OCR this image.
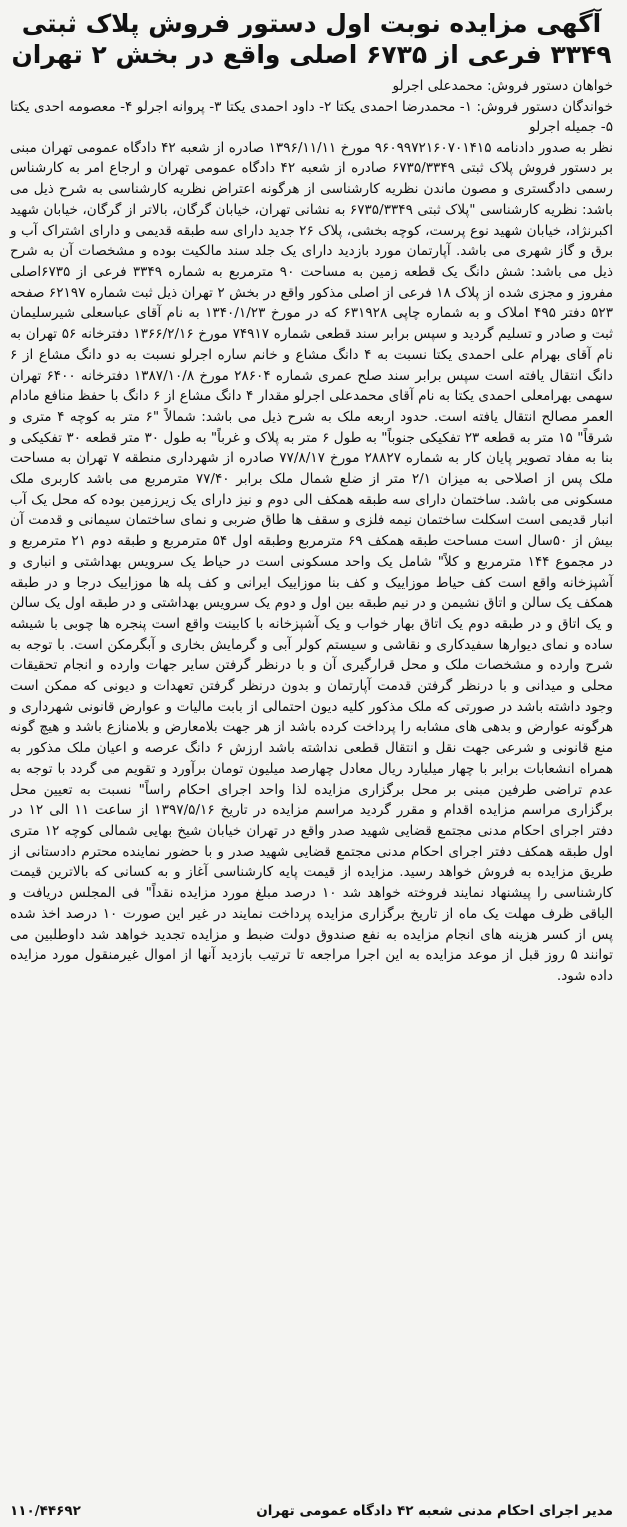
آگهی مزایده نوبت اول دستور فروش پلاک ثبتی ۳۳۴۹ فرعی از ۶۷۳۵ اصلی واقع در بخش ۲ تهران
خواهان دستور فروش: محمدعلی اجرلو
خواندگان دستور فروش: ۱- محمدرضا احمدی یکتا ۲- داود احمدی یکتا ۳- پروانه اجرلو ۴- معصومه احدی یکتا ۵- جمیله اجرلو

نظر به صدور دادنامه ۹۶۰۹۹۷۲۱۶۰۷۰۱۴۱۵ مورخ ۱۳۹۶/۱۱/۱۱ صادره از شعبه ۴۲ دادگاه عمومی تهران مبنی بر دستور فروش پلاک ثبتی ۶۷۳۵/۳۳۴۹ صادره از شعبه ۴۲ دادگاه عمومی تهران و ارجاع امر به کارشناس رسمی دادگستری و مصون ماندن نظریه کارشناسی از هرگونه اعتراض نظریه کارشناسی به شرح ذیل می باشد: نظریه کارشناسی "پلاک ثبتی ۶۷۳۵/۳۳۴۹ به نشانی تهران، خیابان گرگان، بالاتر از گرگان، خیابان شهید اکبرنژاد، خیابان شهید نوع پرست، کوچه بخشی، پلاک ۲۶ جدید دارای سه طبقه قدیمی و دارای اشتراک آب و برق و گاز شهری می باشد. آپارتمان مورد بازدید دارای یک جلد سند مالکیت بوده و مشخصات آن به شرح ذیل می باشد: شش دانگ یک قطعه زمین به مساحت ۹۰ مترمربع به شماره ۳۳۴۹ فرعی از ۶۷۳۵اصلی مفروز و مجزی شده از پلاک ۱۸ فرعی از اصلی مذکور واقع در بخش ۲ تهران ذیل ثبت شماره ۶۲۱۹۷ صفحه ۵۲۳ دفتر ۴۹۵ املاک و به شماره چاپی ۶۳۱۹۲۸ که در مورخ ۱۳۴۰/۱/۲۳ به نام آقای عباسعلی شیرسلیمان ثبت و صادر و تسلیم گردید و سپس برابر سند قطعی شماره ۷۴۹۱۷ مورخ ۱۳۶۶/۲/۱۶ دفترخانه ۵۶ تهران به نام آقای بهرام علی احمدی یکتا نسبت به ۴ دانگ مشاع و خانم ساره اجرلو نسبت به دو دانگ مشاع از ۶ دانگ انتقال یافته است سپس برابر سند صلح عمری شماره ۲۸۶۰۴ مورخ ۱۳۸۷/۱۰/۸ دفترخانه ۶۴۰۰ تهران سهمی بهرامعلی احمدی یکتا به نام آقای محمدعلی اجرلو مقدار ۴ دانگ مشاع از ۶ دانگ با حفظ منافع مادام العمر مصالح انتقال یافته است. حدود اربعه ملک به شرح ذیل می باشد: شمالاً "۶ متر به کوچه ۴ متری و شرقاً" ۱۵ متر به قطعه ۲۳ تفکیکی جنوباً" به طول ۶ متر به پلاک و غرباً" به طول ۳۰ متر قطعه ۳۰ تفکیکی و بنا به مفاد تصویر پایان کار به شماره ۲۸۸۲۷ مورخ ۷۷/۸/۱۷ صادره از شهرداری منطقه ۷ تهران به مساحت ملک پس از اصلاحی به میزان ۲/۱ متر از ضلع شمال ملک برابر ۷۷/۴۰ مترمربع می باشد کاربری ملک مسکونی می باشد. ساختمان دارای سه طبقه همکف الی دوم و نیز دارای یک زیرزمین بوده که محل یک آب انبار قدیمی است اسکلت ساختمان نیمه فلزی و سقف ها طاق ضربی و نمای ساختمان سیمانی و قدمت آن بیش از ۵۰سال است مساحت طبقه همکف ۶۹ مترمربع وطبقه اول ۵۴ مترمربع و طبقه دوم ۲۱ مترمربع و در مجموع ۱۴۴ مترمربع و کلاً" شامل یک واحد مسکونی است در حیاط یک سرویس بهداشتی و انباری و آشپزخانه واقع است کف حیاط موزاییک و کف بنا موزاییک ایرانی و کف پله ها موزاییک درجا و در طبقه همکف یک سالن و اتاق نشیمن و در نیم طبقه بین اول و دوم یک سرویس بهداشتی و در طبقه اول یک سالن و یک اتاق و در طبقه دوم یک اتاق بهار خواب و یک آشپزخانه با کابینت واقع است پنجره ها چوبی با شیشه ساده و نمای دیوارها سفیدکاری و نقاشی و سیستم کولر آبی و گرمایش بخاری و آبگرمکن است. با توجه به شرح وارده و مشخصات ملک و محل قرارگیری آن و با درنظر گرفتن سایر جهات وارده و انجام تحقیقات محلی و میدانی و با درنظر گرفتن قدمت آپارتمان و بدون درنظر گرفتن تعهدات و دیونی که ممکن است وجود داشته باشد در صورتی که ملک مذکور کلیه دیون احتمالی از بابت مالیات و عوارض قانونی شهرداری و هرگونه عوارض و بدهی های مشابه را پرداخت کرده باشد از هر جهت بلامعارض و بلامنازع باشد و هیچ گونه منع قانونی و شرعی جهت نقل و انتقال قطعی نداشته باشد ارزش ۶ دانگ عرصه و اعیان ملک مذکور به همراه انشعابات برابر با چهار میلیارد ریال معادل چهارصد میلیون تومان برآورد و تقویم می گردد با توجه به عدم تراضی طرفین مبنی بر محل برگزاری مزایده لذا واحد اجرای احکام راساً" نسبت به تعیین محل برگزاری مراسم مزایده اقدام و مقرر گردید مراسم مزایده در تاریخ ۱۳۹۷/۵/۱۶ از ساعت ۱۱ الی ۱۲ در دفتر اجرای احکام مدنی مجتمع قضایی شهید صدر واقع در تهران خیابان شیخ بهایی شمالی کوچه ۱۲ متری اول طبقه همکف دفتر اجرای احکام مدنی مجتمع قضایی شهید صدر و با حضور نماینده محترم دادستانی از طریق مزایده به فروش خواهد رسید. مزایده از قیمت پایه کارشناسی آغاز و به کسانی که بالاترین قیمت کارشناسی را پیشنهاد نمایند فروخته خواهد شد ۱۰ درصد مبلغ مورد مزایده نقداً" فی المجلس دریافت و الباقی ظرف مهلت یک ماه از تاریخ برگزاری مزایده پرداخت نمایند در غیر این صورت ۱۰ درصد اخذ شده پس از کسر هزینه های انجام مزایده به نفع صندوق دولت ضبط و مزایده تجدید خواهد شد داوطلبین می توانند ۵ روز قبل از موعد مزایده به این اجرا مراجعه تا ترتیب بازدید آنها از اموال غیرمنقول مورد مزایده داده شود.

مدیر اجرای احکام مدنی شعبه ۴۲ دادگاه عمومی تهران
۱۱۰/۴۴۶۹۲
